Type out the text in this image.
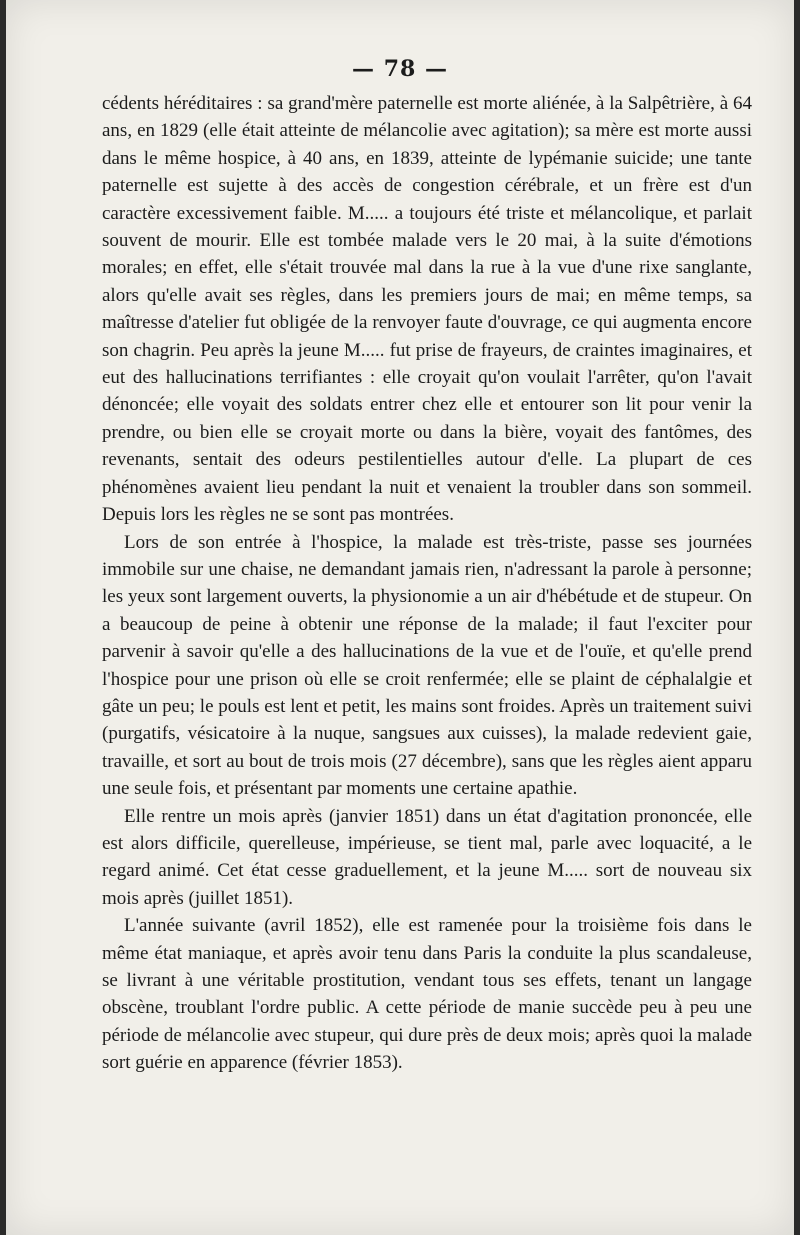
— 78 —

cédents héréditaires : sa grand'mère paternelle est morte aliénée, à la Salpêtrière, à 64 ans, en 1829 (elle était atteinte de mélancolie avec agitation); sa mère est morte aussi dans le même hospice, à 40 ans, en 1839, atteinte de lypémanie suicide; une tante paternelle est sujette à des accès de congestion cérébrale, et un frère est d'un caractère excessivement faible. M..... a toujours été triste et mélancolique, et parlait souvent de mourir. Elle est tombée malade vers le 20 mai, à la suite d'émotions morales; en effet, elle s'était trouvée mal dans la rue à la vue d'une rixe sanglante, alors qu'elle avait ses règles, dans les premiers jours de mai; en même temps, sa maîtresse d'atelier fut obligée de la renvoyer faute d'ouvrage, ce qui augmenta encore son chagrin. Peu après la jeune M..... fut prise de frayeurs, de craintes imaginaires, et eut des hallucinations terrifiantes : elle croyait qu'on voulait l'arrêter, qu'on l'avait dénoncée; elle voyait des soldats entrer chez elle et entourer son lit pour venir la prendre, ou bien elle se croyait morte ou dans la bière, voyait des fantômes, des revenants, sentait des odeurs pestilentielles autour d'elle. La plupart de ces phénomènes avaient lieu pendant la nuit et venaient la troubler dans son sommeil. Depuis lors les règles ne se sont pas montrées.

Lors de son entrée à l'hospice, la malade est très-triste, passe ses journées immobile sur une chaise, ne demandant jamais rien, n'adressant la parole à personne; les yeux sont largement ouverts, la physionomie a un air d'hébétude et de stupeur. On a beaucoup de peine à obtenir une réponse de la malade; il faut l'exciter pour parvenir à savoir qu'elle a des hallucinations de la vue et de l'ouïe, et qu'elle prend l'hospice pour une prison où elle se croit renfermée; elle se plaint de céphalalgie et gâte un peu; le pouls est lent et petit, les mains sont froides. Après un traitement suivi (purgatifs, vésicatoire à la nuque, sangsues aux cuisses), la malade redevient gaie, travaille, et sort au bout de trois mois (27 décembre), sans que les règles aient apparu une seule fois, et présentant par moments une certaine apathie.

Elle rentre un mois après (janvier 1851) dans un état d'agitation prononcée, elle est alors difficile, querelleuse, impérieuse, se tient mal, parle avec loquacité, a le regard animé. Cet état cesse graduellement, et la jeune M..... sort de nouveau six mois après (juillet 1851).

L'année suivante (avril 1852), elle est ramenée pour la troisième fois dans le même état maniaque, et après avoir tenu dans Paris la conduite la plus scandaleuse, se livrant à une véritable prostitution, vendant tous ses effets, tenant un langage obscène, troublant l'ordre public. A cette période de manie succède peu à peu une période de mélancolie avec stupeur, qui dure près de deux mois; après quoi la malade sort guérie en apparence (février 1853).
